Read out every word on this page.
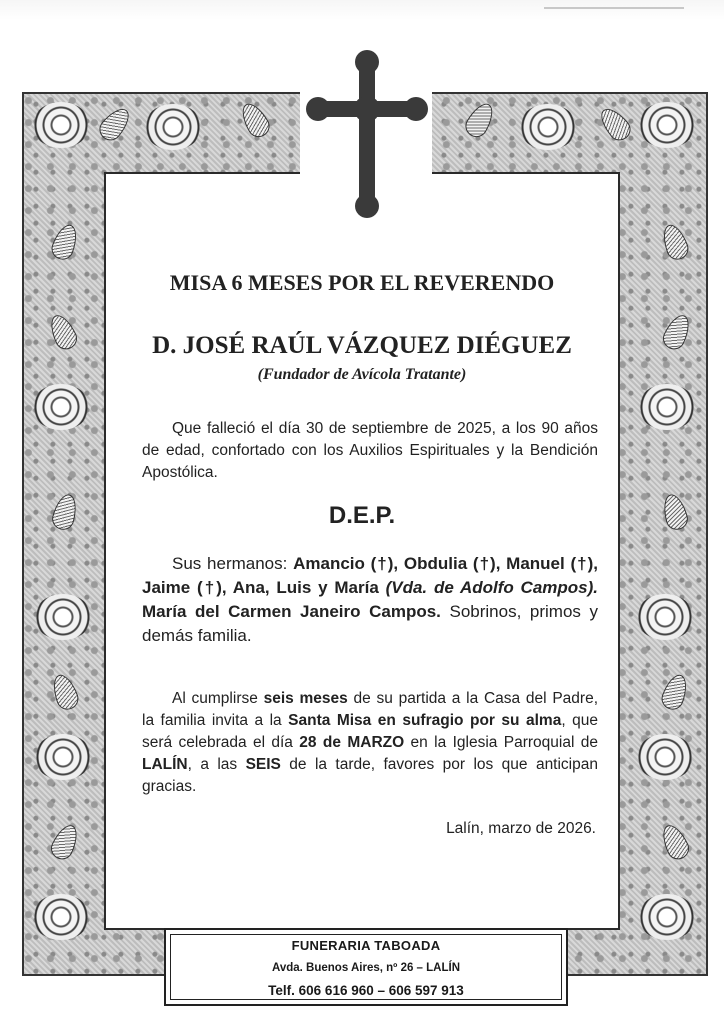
MISA 6 MESES POR EL REVERENDO
D. JOSÉ RAÚL VÁZQUEZ DIÉGUEZ
(Fundador de Avícola Tratante)
Que falleció el día 30 de septiembre de 2025, a los 90 años de edad, confortado con los Auxilios Espirituales y la Bendición Apostólica.
D.E.P.
Sus hermanos: Amancio (†), Obdulia (†), Manuel (†), Jaime (†), Ana, Luis y María (Vda. de Adolfo Campos). María del Carmen Janeiro Campos. Sobrinos, primos y demás familia.
Al cumplirse seis meses de su partida a la Casa del Padre, la familia invita a la Santa Misa en sufragio por su alma, que será celebrada el día 28 de MARZO en la Iglesia Parroquial de LALÍN, a las SEIS de la tarde, favores por los que anticipan gracias.
Lalín, marzo de 2026.
FUNERARIA TABOADA
Avda. Buenos Aires, nº 26 – LALÍN
Telf. 606 616 960 – 606 597 913
